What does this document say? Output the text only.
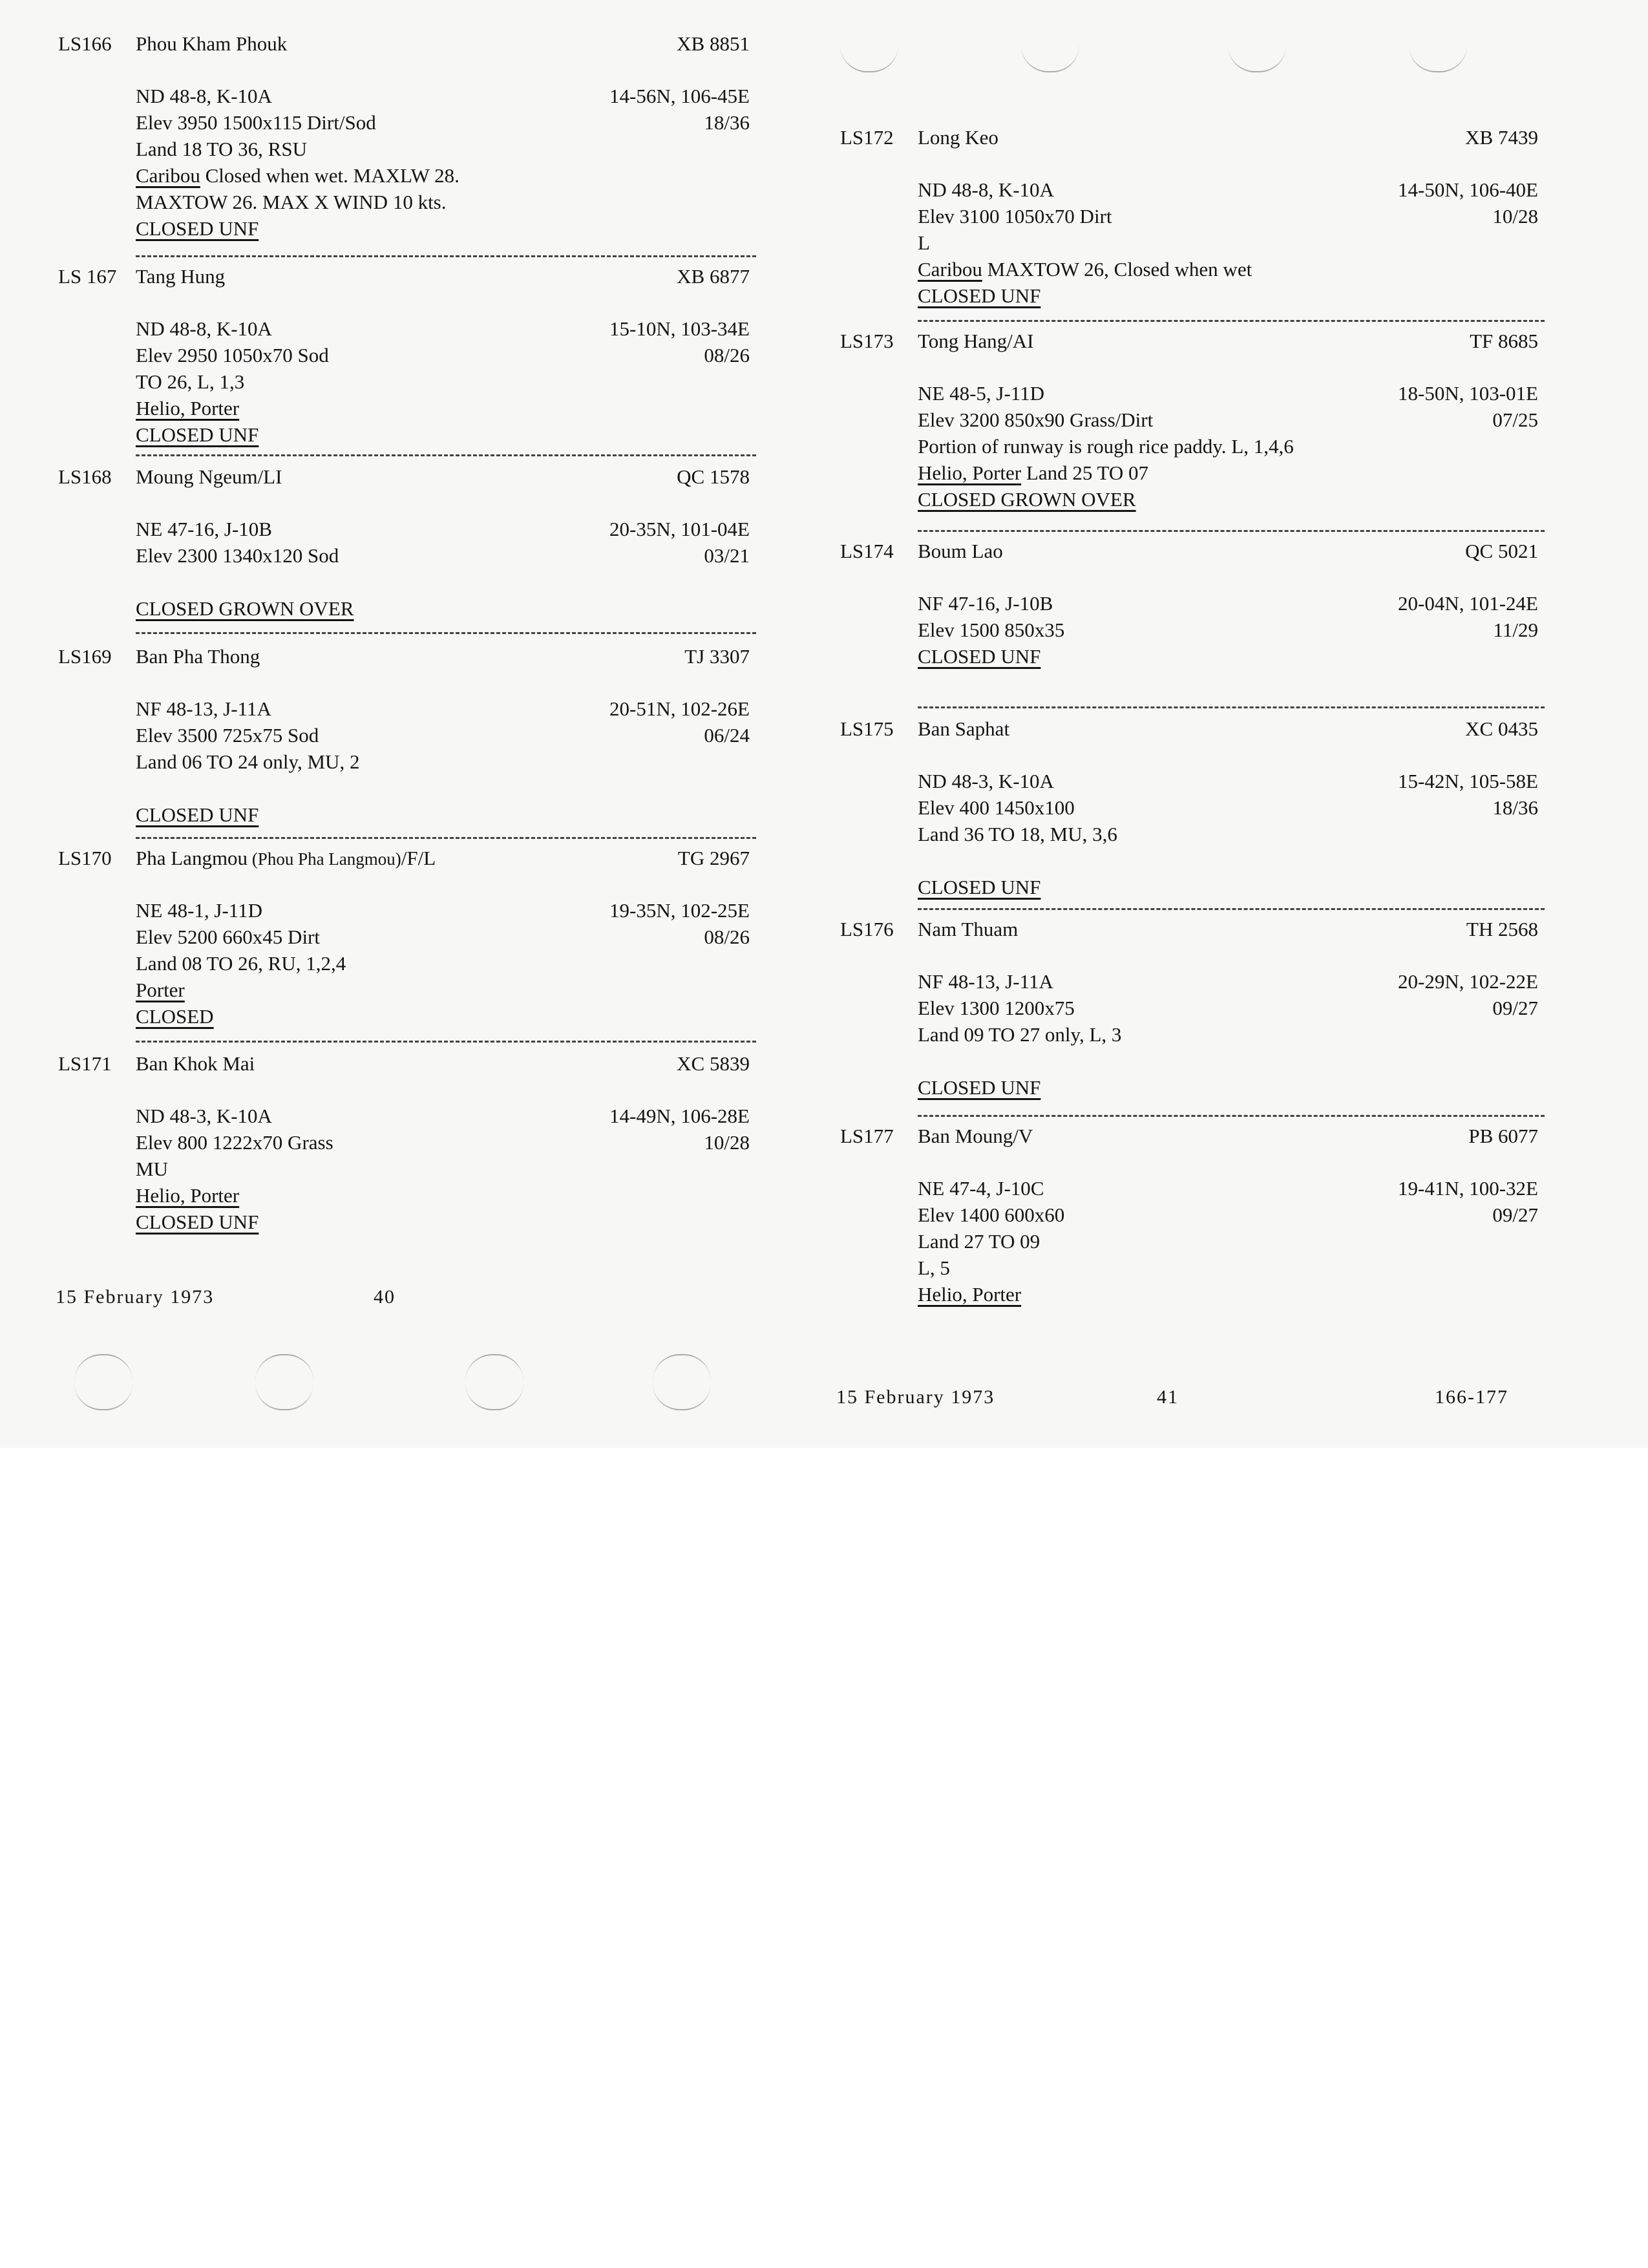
LS166 Phou Kham Phouk	XB 8851
ND 48-8, K-10A	14-56N, 106-45E
18/36
Elev 3950 1500x115 Dirt/Sod
Land 18 TO 36, RSU
Caribou Closed when wet. MAXLW 28.
MAXTOW 26. MAX X WIND 10 kts.
CLOSED UNF
LS 167 Tang Hung	XB 6877
ND 48-8, K-10A	15-10N, 103-34E
08/26
Elev 2950 1050x70 Sod
TO 26, L, 1,3
Helio, Porter
CLOSED UNF
LS168 Moung Ngeum/LI	QC 1578
NE 47-16, J-10B	20-35N, 101-04E
03/21
Elev 2300 1340x120 Sod

CLOSED GROWN OVER
LS169 Ban Pha Thong	TJ 3307
NF 48-13, J-11A	20-51N, 102-26E
06/24
Elev 3500 725x75 Sod
Land 06 TO 24 only, MU, 2

CLOSED UNF
LS170 Pha Langmou (Phou Pha Langmou)/F/L	TG 2967
NE 48-1, J-11D	19-35N, 102-25E
08/26
Elev 5200 660x45 Dirt
Land 08 TO 26, RU, 1,2,4
Porter
CLOSED
LS171 Ban Khok Mai	XC 5839
ND 48-3, K-10A	14-49N, 106-28E
10/28
Elev 800 1222x70 Grass
MU
Helio, Porter
CLOSED UNF
15 February 1973	40
LS172 Long Keo	XB 7439
ND 48-8, K-10A	14-50N, 106-40E
10/28
Elev 3100 1050x70 Dirt
L
Caribou MAXTOW 26, Closed when wet
CLOSED UNF
LS173 Tong Hang/AI	TF 8685
NE 48-5, J-11D	18-50N, 103-01E
07/25
Elev 3200 850x90 Grass/Dirt
Portion of runway is rough rice paddy. L, 1,4,6
Helio, Porter Land 25 TO 07
CLOSED GROWN OVER
LS174 Boum Lao	QC 5021
NF 47-16, J-10B	20-04N, 101-24E
11/29
Elev 1500 850x35
CLOSED UNF
LS175 Ban Saphat	XC 0435
ND 48-3, K-10A	15-42N, 105-58E
18/36
Elev 400 1450x100
Land 36 TO 18, MU, 3,6

CLOSED UNF
LS176 Nam Thuam	TH 2568
NF 48-13, J-11A	20-29N, 102-22E
09/27
Elev 1300 1200x75
Land 09 TO 27 only, L, 3

CLOSED UNF
LS177 Ban Moung/V	PB 6077
NE 47-4, J-10C	19-41N, 100-32E
09/27
Elev 1400 600x60
Land 27 TO 09
L, 5
Helio, Porter
15 February 1973	41	166-177
